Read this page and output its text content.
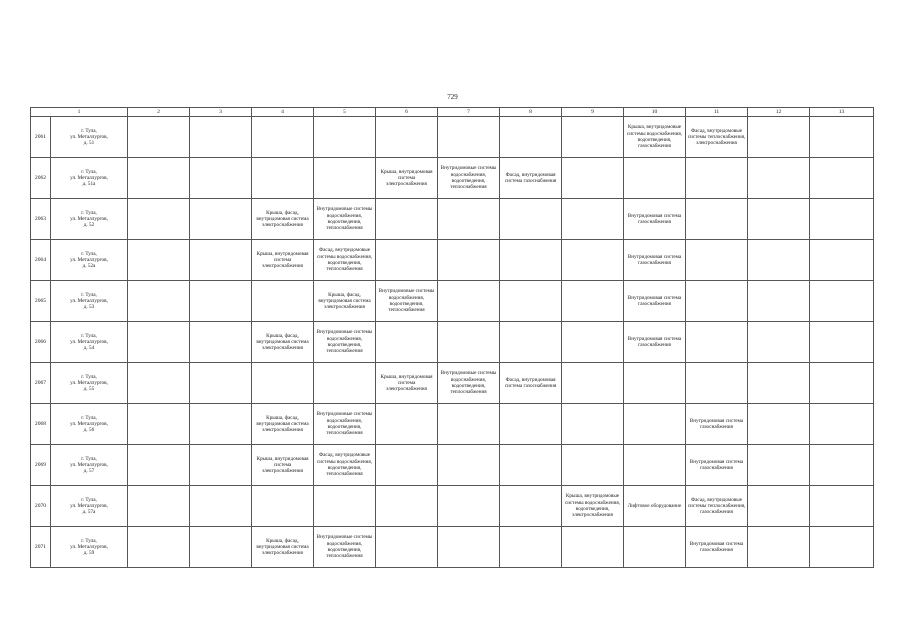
729
1		2	3	4	5	6	7	8	9	10	11	12	13
2061	г. Тула,
ул. Металлургов,
д. 51									Крыша, внутридомовые системы водоснабжения, водоотведения, газоснабжения	Фасад, внутридомовые системы теплоснабжения, электроснабжения		
2062	г. Тула,
ул. Металлургов,
д. 51а					Крыша, внутридомовая система электроснабжения	Внутридомовые системы водоснабжения, водоотведения, теплоснабжения	Фасад, внутридомовая система газоснабжения					
2063	г. Тула,
ул. Металлургов,
д. 52			Крыша, фасад, внутридомовая система электроснабжения	Внутридомовые системы водоснабжения, водоотведения, теплоснабжения					Внутридомовая система газоснабжения			
2064	г. Тула,
ул. Металлургов,
д. 52а			Крыша, внутридомовая система электроснабжения	Фасад, внутридомовые системы водоснабжения, водоотведения, теплоснабжения					Внутридомовая система газоснабжения			
2065	г. Тула,
ул. Металлургов,
д. 53				Крыша, фасад, внутридомовая система электроснабжения	Внутридомовые системы водоснабжения, водоотведения, теплоснабжения				Внутридомовая система газоснабжения			
2066	г. Тула,
ул. Металлургов,
д. 54			Крыша, фасад, внутридомовая система электроснабжения	Внутридомовые системы водоснабжения, водоотведения, теплоснабжения					Внутридомовая система газоснабжения			
2067	г. Тула,
ул. Металлургов,
д. 55					Крыша, внутридомовая система электроснабжения	Внутридомовые системы водоснабжения, водоотведения, теплоснабжения	Фасад, внутридомовая система газоснабжения					
2068	г. Тула,
ул. Металлургов,
д. 56			Крыша, фасад, внутридомовая система электроснабжения	Внутридомовые системы водоснабжения, водоотведения, теплоснабжения						Внутридомовая система газоснабжения		
2069	г. Тула,
ул. Металлургов,
д. 57			Крыша, внутридомовая система электроснабжения	Фасад, внутридомовые системы водоснабжения, водоотведения, теплоснабжения						Внутридомовая система газоснабжения		
2070	г. Тула,
ул. Металлургов,
д. 57а								Крыша, внутридомовые системы водоснабжения, водоотведения, электроснабжения	Лифтовое оборудование	Фасад, внутридомовые системы теплоснабжения, газоснабжения		
2071	г. Тула,
ул. Металлургов,
д. 59			Крыша, фасад, внутридомовая система электроснабжения	Внутридомовые системы водоснабжения, водоотведения, теплоснабжения						Внутридомовая система газоснабжения		
